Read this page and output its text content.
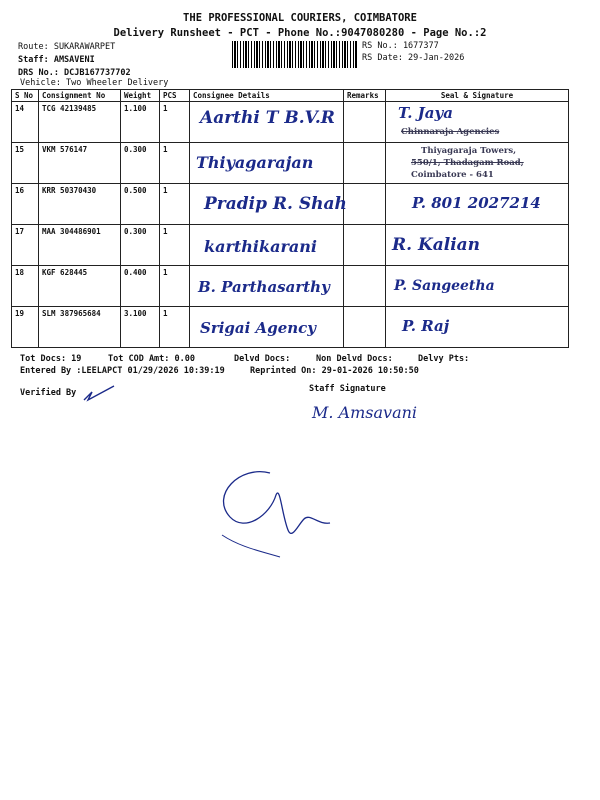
THE PROFESSIONAL COURIERS, COIMBATORE
Delivery Runsheet - PCT - Phone No.:9047080280 - Page No.:2
Route: SUKARAWARPET
Staff: AMSAVENI
DRS No.: DCJB167737702
Vehicle: Two Wheeler Delivery
RS No.: 1677377
RS Date: 29-Jan-2026
S No	Consignment No	Weight	PCS	Consignee Details	Remarks	Seal & Signature
14	TCG 42139485	1.100	1	Aarthi T B.V.R		T. Jaya
Chinnaraja Agencies

15	VKM 576147	0.300	1	Thiyagarajan		Thiyagaraja Towers,
550/1, Thadagam Road,
Coimbatore - 641

16	KRR 50370430	0.500	1	Pradip R. Shah		P. 801 2027214

17	MAA 304486901	0.300	1	karthikarani		R. Kalian

18	KGF 628445	0.400	1	B. Parthasarthy		P. Sangeetha

19	SLM 387965684	3.100	1	Srigai Agency		P. Raj
Tot Docs: 19	Tot COD Amt: 0.00	Delvd Docs:	Non Delvd Docs:	Delvy Pts:
Entered By :LEELAPCT 01/29/2026 10:39:19	Reprinted On: 29-01-2026 10:50:50
Verified By	Staff Signature
M. Amsavani
